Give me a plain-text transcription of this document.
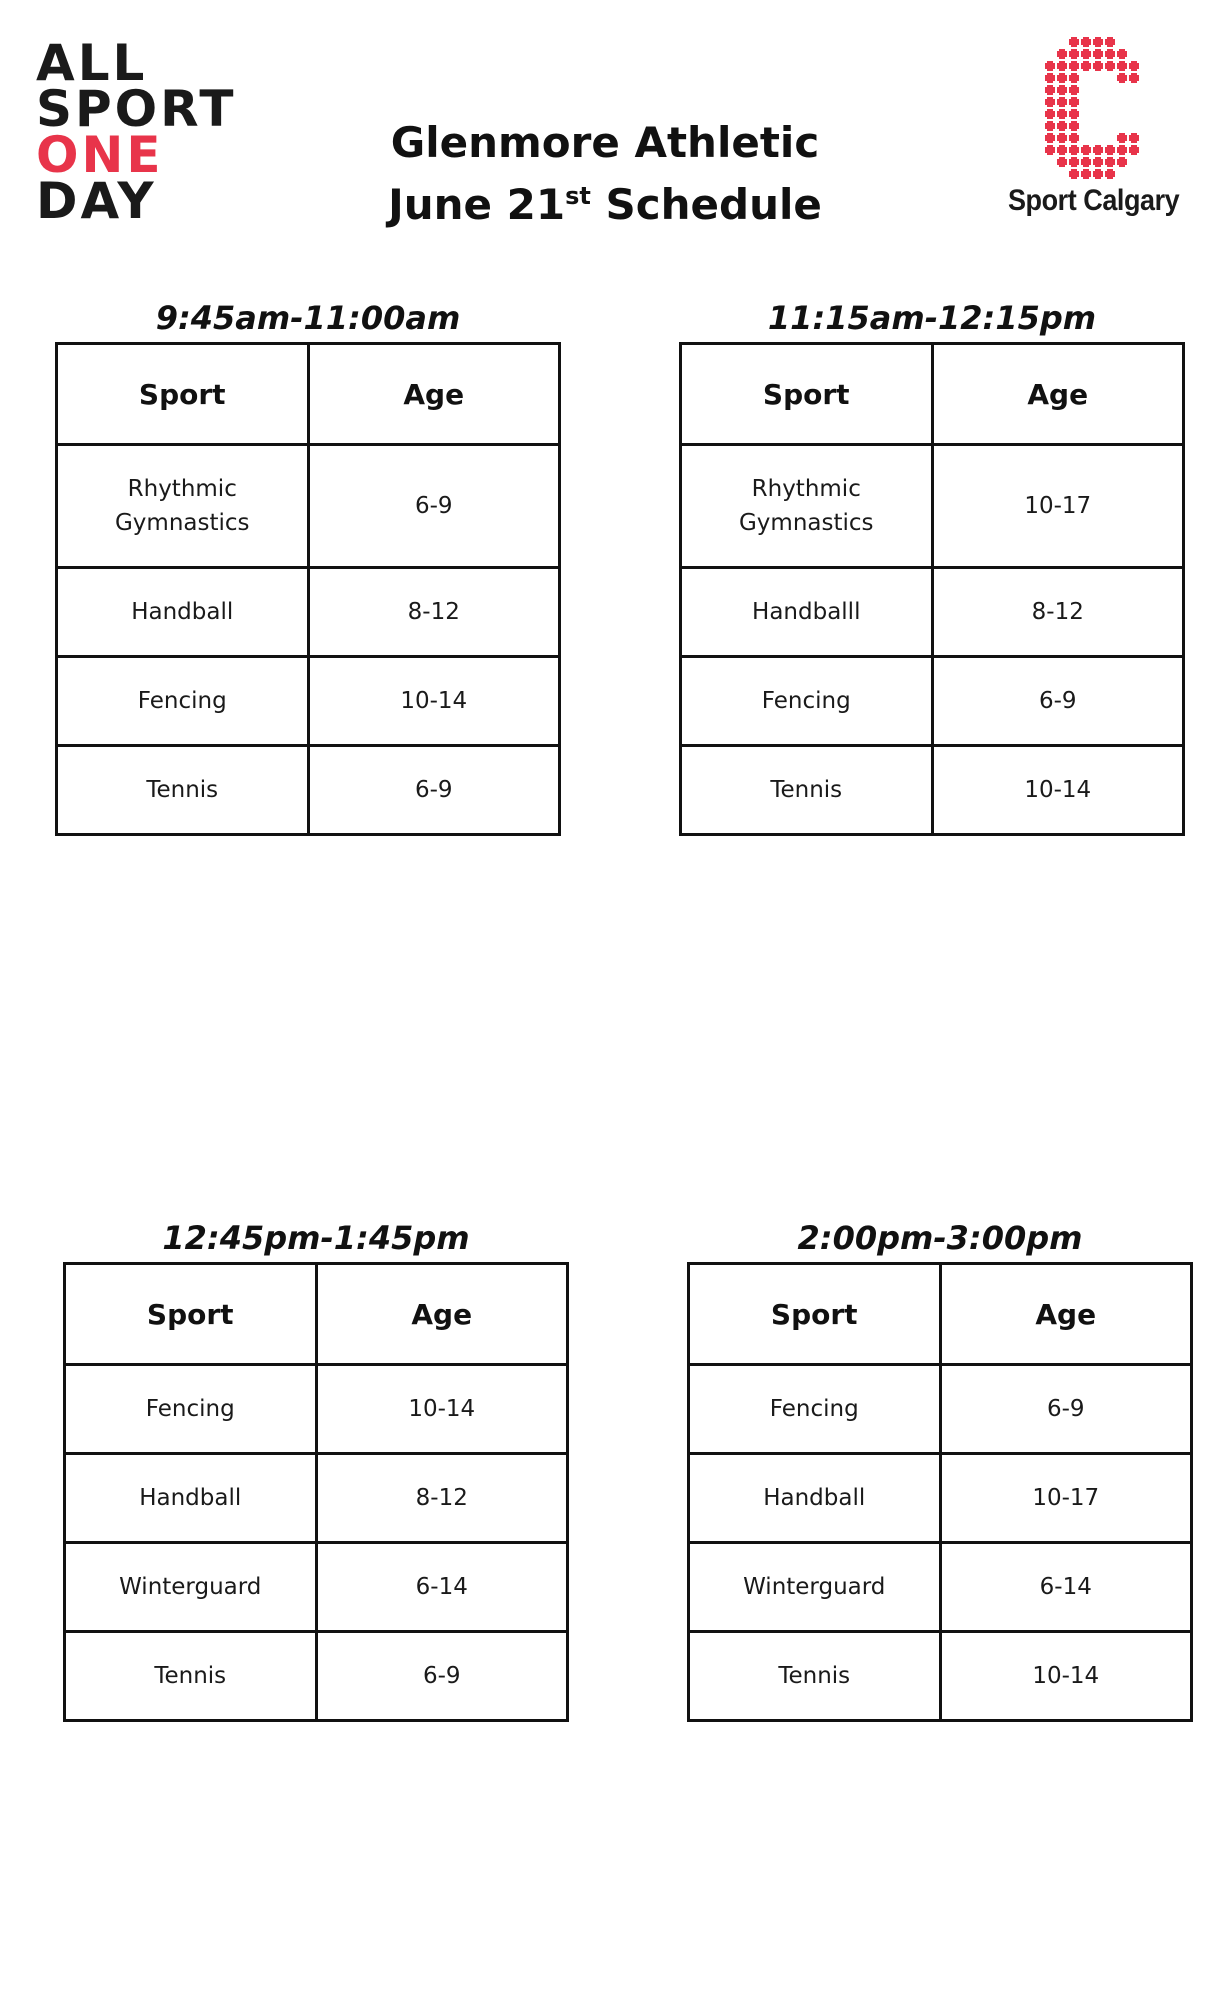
ALL
SPORT
ONE
DAY
Glenmore Athletic
June 21st Schedule	Sport Calgary
9:45am-11:00am
Sport	Age
Rhythmic Gymnastics	6-9
Handball	8-12
Fencing	10-14
Tennis	6-9
11:15am-12:15pm
Sport	Age
Rhythmic Gymnastics	10-17
Handballl	8-12
Fencing	6-9
Tennis	10-14
12:45pm-1:45pm
Sport	Age
Fencing	10-14
Handball	8-12
Winterguard	6-14
Tennis	6-9
2:00pm-3:00pm
Sport	Age
Fencing	6-9
Handball	10-17
Winterguard	6-14
Tennis	10-14
